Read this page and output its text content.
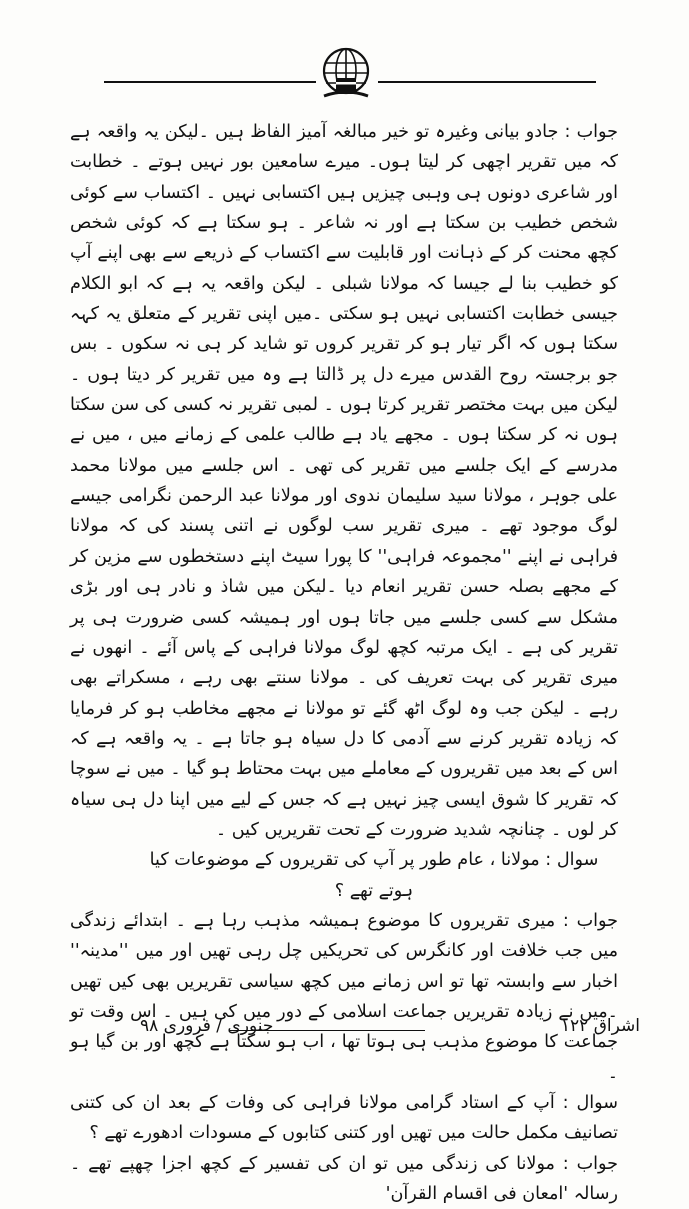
جواب : جادو بیانی وغیرہ تو خیر مبالغہ آمیز الفاظ ہیں ۔لیکن یہ واقعہ ہے کہ میں تقریر اچھی کر لیتا ہوں۔ میرے سامعین بور نہیں ہوتے ۔ خطابت اور شاعری دونوں ہی وہبی چیزیں ہیں اکتسابی نہیں ۔ اکتساب سے کوئی شخص خطیب بن سکتا ہے اور نہ شاعر ۔ ہو سکتا ہے کہ کوئی شخص کچھ محنت کر کے ذہانت اور قابلیت سے اکتساب کے ذریعے سے بھی اپنے آپ کو خطیب بنا لے جیسا کہ مولانا شبلی ۔ لیکن واقعہ یہ ہے کہ ابو الکلام جیسی خطابت اکتسابی نہیں ہو سکتی ۔میں اپنی تقریر کے متعلق یہ کہہ سکتا ہوں کہ اگر تیار ہو کر تقریر کروں تو شاید کر ہی نہ سکوں ۔ بس جو برجستہ روح القدس میرے دل پر ڈالتا ہے وہ میں تقریر کر دیتا ہوں ۔ لیکن میں بہت مختصر تقریر کرتا ہوں ۔ لمبی تقریر نہ کسی کی سن سکتا ہوں نہ کر سکتا ہوں ۔ مجھے یاد ہے طالب علمی کے زمانے میں ، میں نے مدرسے کے ایک جلسے میں تقریر کی تھی ۔ اس جلسے میں مولانا محمد علی جوہر ، مولانا سید سلیمان ندوی اور مولانا عبد الرحمن نگرامی جیسے لوگ موجود تھے ۔ میری تقریر سب لوگوں نے اتنی پسند کی کہ مولانا فراہی نے اپنے ''مجموعہ فراہی'' کا پورا سیٹ اپنے دستخطوں سے مزین کر کے مجھے بصلہ حسن تقریر انعام دیا ۔لیکن میں شاذ و نادر ہی اور بڑی مشکل سے کسی جلسے میں جاتا ہوں اور ہمیشہ کسی ضرورت ہی پر تقریر کی ہے ۔ ایک مرتبہ کچھ لوگ مولانا فراہی کے پاس آئے ۔ انھوں نے میری تقریر کی بہت تعریف کی ۔ مولانا سنتے بھی رہے ، مسکراتے بھی رہے ۔ لیکن جب وہ لوگ اٹھ گئے تو مولانا نے مجھے مخاطب ہو کر فرمایا کہ زیادہ تقریر کرنے سے آدمی کا دل سیاہ ہو جاتا ہے ۔ یہ واقعہ ہے کہ اس کے بعد میں تقریروں کے معاملے میں بہت محتاط ہو گیا ۔ میں نے سوچا کہ تقریر کا شوق ایسی چیز نہیں ہے کہ جس کے لیے میں اپنا دل ہی سیاہ کر لوں ۔ چنانچہ شدید ضرورت کے تحت تقریریں کیں ۔

سوال : مولانا ، عام طور پر آپ کی تقریروں کے موضوعات کیا ہوتے تھے ؟

جواب : میری تقریروں کا موضوع ہمیشہ مذہب رہا ہے ۔ ابتدائے زندگی میں جب خلافت اور کانگرس کی تحریکیں چل رہی تھیں اور میں ''مدینہ'' اخبار سے وابستہ تھا تو اس زمانے میں کچھ سیاسی تقریریں بھی کیں تھیں ۔میں نے زیادہ تقریریں جماعت اسلامی کے دور میں کی ہیں ۔ اس وقت تو جماعت کا موضوع مذہب ہی ہوتا تھا ، اب ہو سکتا ہے کچھ اور بن گیا ہو ۔

سوال : آپ کے استاد گرامی مولانا فراہی کی وفات کے بعد ان کی کتنی تصانیف مکمل حالت میں تھیں اور کتنی کتابوں کے مسودات ادھورے تھے ؟

جواب : مولانا کی زندگی میں تو ان کی تفسیر کے کچھ اجزا چھپے تھے ۔ رسالہ 'امعان فی اقسام القرآن'

اشراق ۱۲۲
جنوری / فروری ۹۸
